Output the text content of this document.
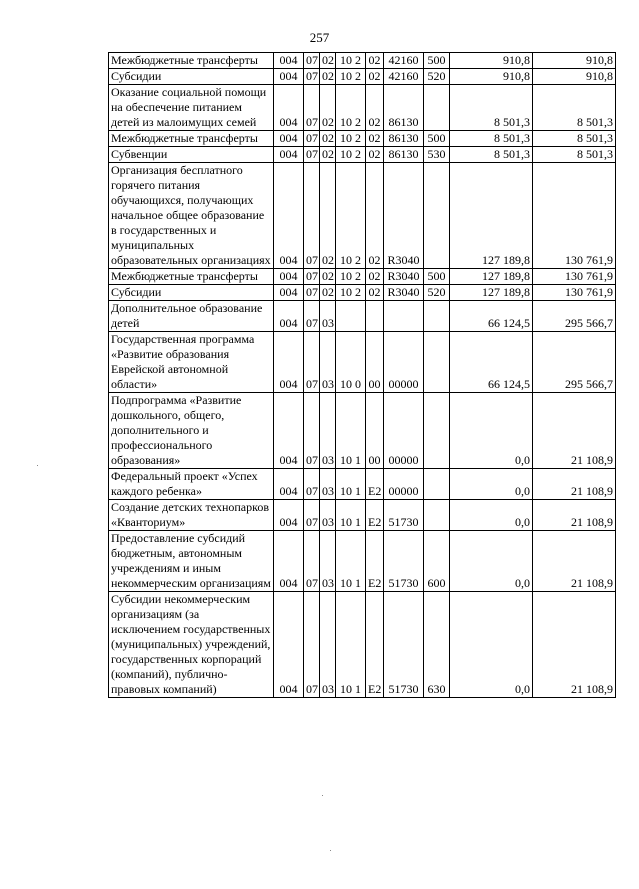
257
Межбюджетные трансферты	004	07	02	10 2	02	42160	500	910,8	910,8
Субсидии	004	07	02	10 2	02	42160	520	910,8	910,8
Оказание социальной помощи на обеспечение питанием детей из малоимущих семей	004	07	02	10 2	02	86130		8 501,3	8 501,3
Межбюджетные трансферты	004	07	02	10 2	02	86130	500	8 501,3	8 501,3
Субвенции	004	07	02	10 2	02	86130	530	8 501,3	8 501,3
Организация бесплатного горячего питания обучающихся, получающих начальное общее образование в государственных и муниципальных образовательных организациях	004	07	02	10 2	02	R3040		127 189,8	130 761,9
Межбюджетные трансферты	004	07	02	10 2	02	R3040	500	127 189,8	130 761,9
Субсидии	004	07	02	10 2	02	R3040	520	127 189,8	130 761,9
Дополнительное образование детей	004	07	03					66 124,5	295 566,7
Государственная программа «Развитие образования Еврейской автономной области»	004	07	03	10 0	00	00000		66 124,5	295 566,7
Подпрограмма «Развитие дошкольного, общего, дополнительного и профессионального образования»	004	07	03	10 1	00	00000		0,0	21 108,9
Федеральный проект «Успех каждого ребенка»	004	07	03	10 1	E2	00000		0,0	21 108,9
Создание детских технопарков «Кванториум»	004	07	03	10 1	E2	51730		0,0	21 108,9
Предоставление субсидий бюджетным, автономным учреждениям и иным некоммерческим организациям	004	07	03	10 1	E2	51730	600	0,0	21 108,9
Субсидии некоммерческим организациям (за исключением государственных (муниципальных) учреждений, государственных корпораций (компаний), публично-правовых компаний)	004	07	03	10 1	E2	51730	630	0,0	21 108,9
